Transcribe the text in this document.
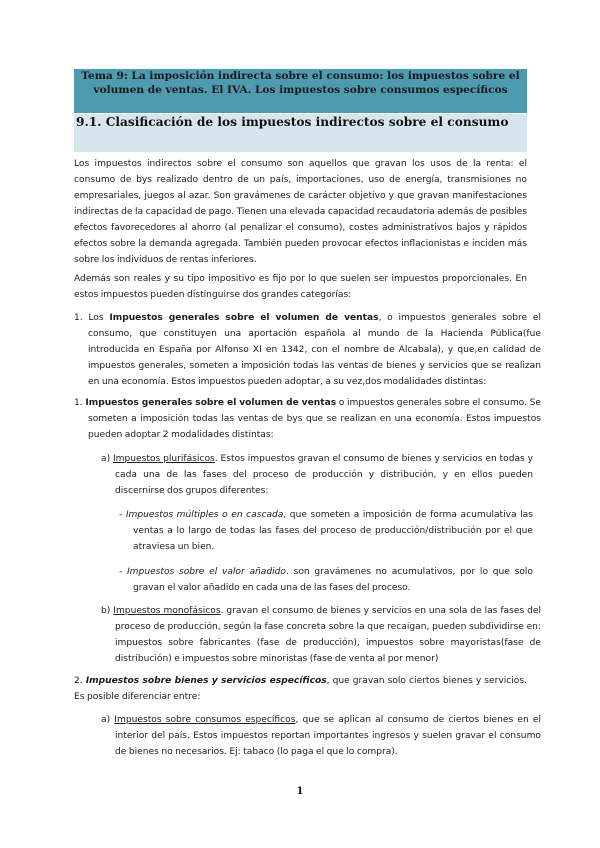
Tema 9: La imposición indirecta sobre el consumo: los impuestos sobre el volumen de ventas. El IVA. Los impuestos sobre consumos específicos
9.1. Clasificación de los impuestos indirectos sobre el consumo
Los impuestos indirectos sobre el consumo son aquellos que gravan los usos de la renta: el consumo de bys realizado dentro de un país, importaciones, uso de energía, transmisiones no empresariales, juegos al azar. Son gravámenes de carácter objetivo y que gravan manifestaciones indirectas de la capacidad de pago. Tienen una elevada capacidad recaudatoria además de posibles efectos favorecedores al ahorro (al penalizar el consumo), costes administrativos bajos y rápidos efectos sobre la demanda agregada. También pueden provocar efectos inflacionistas e inciden más sobre los individuos de rentas inferiores.
Además son reales y su tipo impositivo es fijo por lo que suelen ser impuestos proporcionales. En estos impuestos pueden distinguirse dos grandes categorías:
1. Los Impuestos generales sobre el volumen de ventas, o impuestos generales sobre el consumo, que constituyen una aportación española al mundo de la Hacienda Pública(fue introducida en España por Alfonso XI en 1342, con el nombre de Alcabala), y que,en calidad de impuestos generales, someten a imposición todas las ventas de bienes y servicios que se realizan en una economía. Estos impuestos pueden adoptar, a su vez,dos modalidades distintas:
1. Impuestos generales sobre el volumen de ventas o impuestos generales sobre el consumo. Se someten a imposición todas las ventas de bys que se realizan en una economía. Estos impuestos pueden adoptar 2 modalidades distintas:
a) Impuestos plurifásicos. Estos impuestos gravan el consumo de bienes y servicios en todas y cada una de las fases del proceso de producción y distribución, y en ellos pueden discernirse dos grupos diferentes:
- Impuestos múltiples o en cascada, que someten a imposición de forma acumulativa las ventas a lo largo de todas las fases del proceso de producción/distribución por el que atraviesa un bien.
- Impuestos sobre el valor añadido. son gravámenes no acumulativos, por lo que solo gravan el valor añadido en cada una de las fases del proceso.
b) Impuestos monofásicos. gravan el consumo de bienes y servicios en una sola de las fases del proceso de producción, según la fase concreta sobre la que recaigan, pueden subdividirse en: impuestos sobre fabricantes (fase de producción), impuestos sobre mayoristas(fase de distribución) e impuestos sobre minoristas (fase de venta al por menor)
2. Impuestos sobre bienes y servicios específicos, que gravan solo ciertos bienes y servicios. Es posible diferenciar entre:
a) Impuestos sobre consumos específicos, que se aplican al consumo de ciertos bienes en el interior del país. Estos impuestos reportan importantes ingresos y suelen gravar el consumo de bienes no necesarios. Ej: tabaco (lo paga el que lo compra).
1
